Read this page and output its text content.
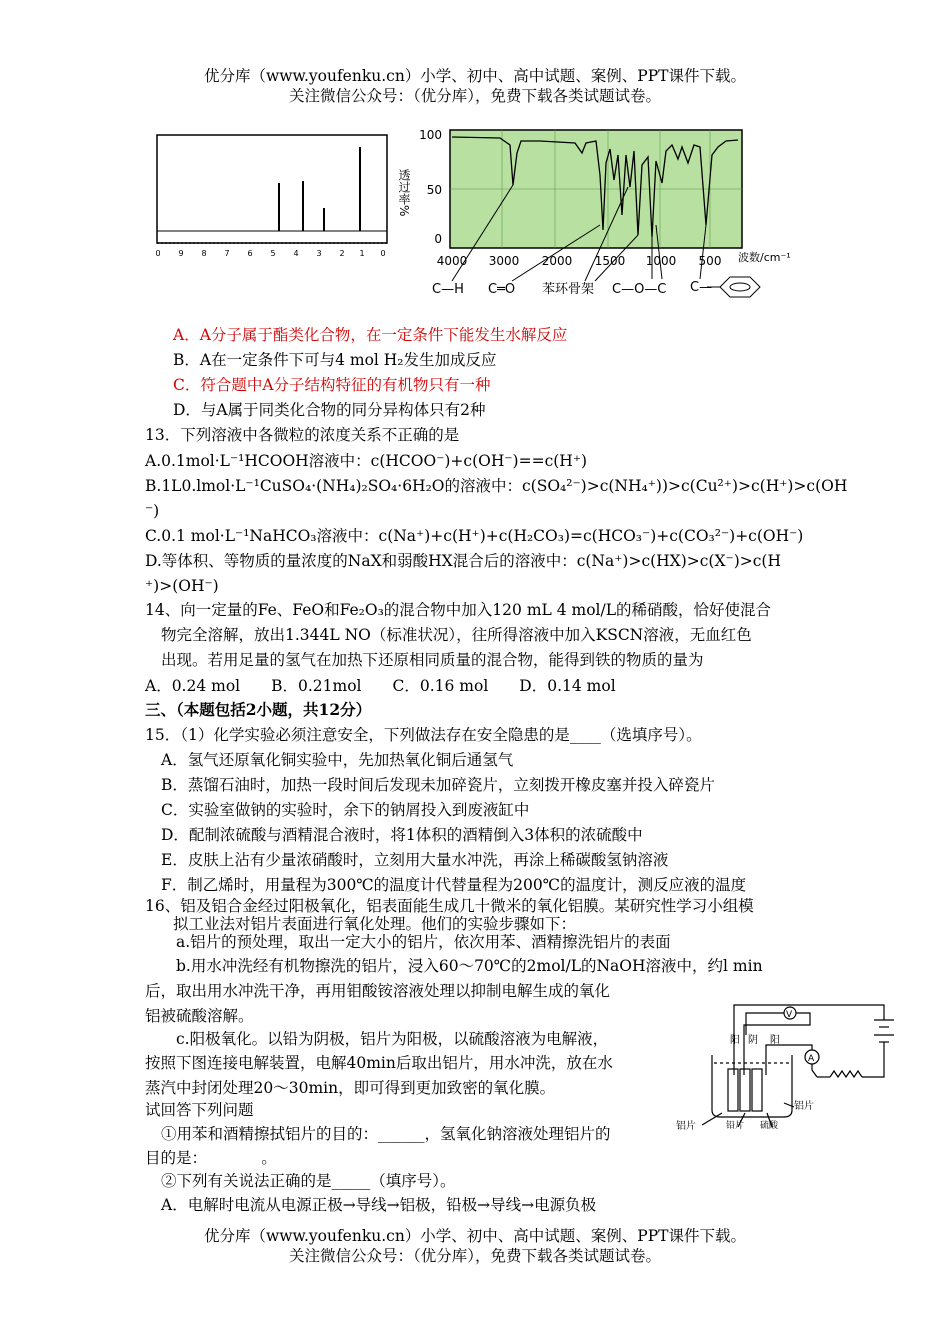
优分库（www.youfenku.cn）小学、初中、高中试题、案例、PPT课件下载。
关注微信公众号：（优分库），免费下载各类试题试卷。
0 9 8 7 6 5 4 3 2 1 0
透过率%
100
50
0
4000 3000 2000 1500 1000 500 波数/cm⁻¹
C—H C═O 苯环骨架 C—O—C C—
A．A分子属于酯类化合物，在一定条件下能发生水解反应
B．A在一定条件下可与4 mol H₂发生加成反应
C．符合题中A分子结构特征的有机物只有一种
D．与A属于同类化合物的同分异构体只有2种
13．下列溶液中各微粒的浓度关系不正确的是
A.0.1mol·L⁻¹HCOOH溶液中：c(HCOO⁻)+c(OH⁻)==c(H⁺)
B.1L0.lmol·L⁻¹CuSO₄·(NH₄)₂SO₄·6H₂O的溶液中：c(SO₄²⁻)>c(NH₄⁺))>c(Cu²⁺)>c(H⁺)>c(OH
⁻)
C.0.1 mol·L⁻¹NaHCO₃溶液中：c(Na⁺)+c(H⁺)+c(H₂CO₃)=c(HCO₃⁻)+c(CO₃²⁻)+c(OH⁻)
D.等体积、等物质的量浓度的NaX和弱酸HX混合后的溶液中：c(Na⁺)>c(HX)>c(X⁻)>c(H
⁺)>(OH⁻)
14、向一定量的Fe、FeO和Fe₂O₃的混合物中加入120 mL 4 mol/L的稀硝酸，恰好使混合
物完全溶解，放出1.344L NO（标准状况），往所得溶液中加入KSCN溶液，无血红色
出现。若用足量的氢气在加热下还原相同质量的混合物，能得到铁的物质的量为
A．0.24 mol　　B．0.21mol　　C．0.16 mol　　D．0.14 mol
三、（本题包括2小题，共12分）
15．（1）化学实验必须注意安全，下列做法存在安全隐患的是____（选填序号）。
A．氢气还原氧化铜实验中，先加热氧化铜后通氢气
B．蒸馏石油时，加热一段时间后发现未加碎瓷片，立刻拨开橡皮塞并投入碎瓷片
C．实验室做钠的实验时，余下的钠屑投入到废液缸中
D．配制浓硫酸与酒精混合液时，将1体积的酒精倒入3体积的浓硫酸中
E．皮肤上沾有少量浓硝酸时，立刻用大量水冲洗，再涂上稀碳酸氢钠溶液
F．制乙烯时，用量程为300℃的温度计代替量程为200℃的温度计，测反应液的温度
16、铝及铝合金经过阳极氧化，铝表面能生成几十微米的氧化铝膜。某研究性学习小组模
拟工业法对铝片表面进行氧化处理。他们的实验步骤如下：
a.铝片的预处理，取出一定大小的铝片，依次用苯、酒精擦洗铝片的表面
b.用水冲洗经有机物擦洗的铝片，浸入60～70℃的2mol/L的NaOH溶液中，约l min
后，取出用水冲洗干净，再用钼酸铵溶液处理以抑制电解生成的氧化
铝被硫酸溶解。
c.阳极氧化。以铅为阴极，铝片为阳极，以硫酸溶液为电解液，
按照下图连接电解装置，电解40min后取出铝片，用水冲洗，放在水
蒸汽中封闭处理20～30min，即可得到更加致密的氧化膜。
试回答下列问题
①用苯和酒精擦拭铝片的目的：______，氢氧化钠溶液处理铝片的
目的是：　　　　。
②下列有关说法正确的是_____（填序号）。
A．电解时电流从电源正极→导线→铝极，铅极→导线→电源负极
阳 阴 阳
铝片	铅片 硫酸
铝片
V
A
优分库（www.youfenku.cn）小学、初中、高中试题、案例、PPT课件下载。
关注微信公众号：（优分库），免费下载各类试题试卷。
